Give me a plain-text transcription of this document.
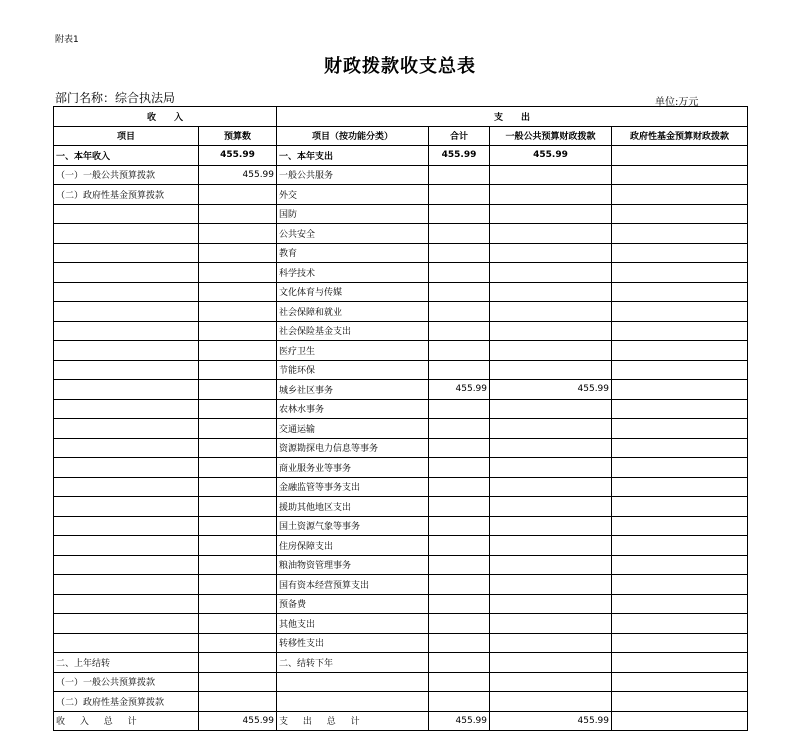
附表1
财政拨款收支总表
部门名称：综合执法局	单位:万元
收　　入		支　　出			
项目	预算数	项目（按功能分类）	合计	一般公共预算财政拨款	政府性基金预算财政拨款
一、本年收入	455.99	一、本年支出	455.99	455.99	
（一）一般公共预算拨款	455.99	一般公共服务			
（二）政府性基金预算拨款		外交			
		国防			
		公共安全			
		教育			
		科学技术			
		文化体育与传媒			
		社会保障和就业			
		社会保险基金支出			
		医疗卫生			
		节能环保			
		城乡社区事务	455.99	455.99	
		农林水事务			
		交通运输			
		资源勘探电力信息等事务			
		商业服务业等事务			
		金融监管等事务支出			
		援助其他地区支出			
		国土资源气象等事务			
		住房保障支出			
		粮油物资管理事务			
		国有资本经营预算支出			
		预备费			
		其他支出			
		转移性支出			
二、上年结转		二、结转下年			
（一）一般公共预算拨款					
（二）政府性基金预算拨款					
收 入 总 计	455.99	支 出 总 计	455.99	455.99	
